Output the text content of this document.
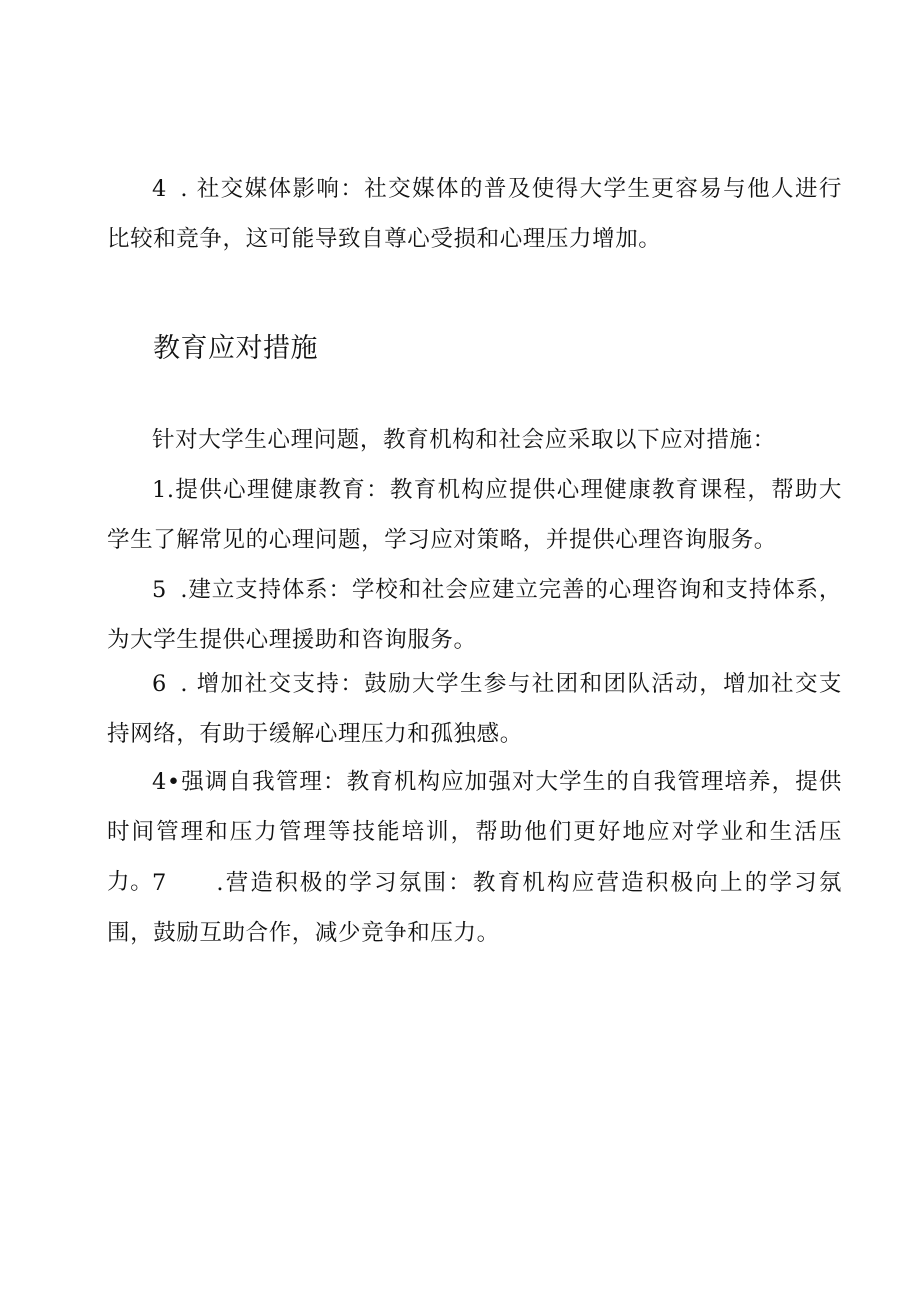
4 . 社交媒体影响：社交媒体的普及使得大学生更容易与他人进行比较和竞争，这可能导致自尊心受损和心理压力增加。

教育应对措施

针对大学生心理问题，教育机构和社会应采取以下应对措施：

1.提供心理健康教育：教育机构应提供心理健康教育课程，帮助大学生了解常见的心理问题，学习应对策略，并提供心理咨询服务。

5 .建立支持体系：学校和社会应建立完善的心理咨询和支持体系，为大学生提供心理援助和咨询服务。

6 . 增加社交支持：鼓励大学生参与社团和团队活动，增加社交支持网络，有助于缓解心理压力和孤独感。

4•强调自我管理：教育机构应加强对大学生的自我管理培养，提供时间管理和压力管理等技能培训，帮助他们更好地应对学业和生活压力。

7 .营造积极的学习氛围：教育机构应营造积极向上的学习氛围，鼓励互助合作，减少竞争和压力。
